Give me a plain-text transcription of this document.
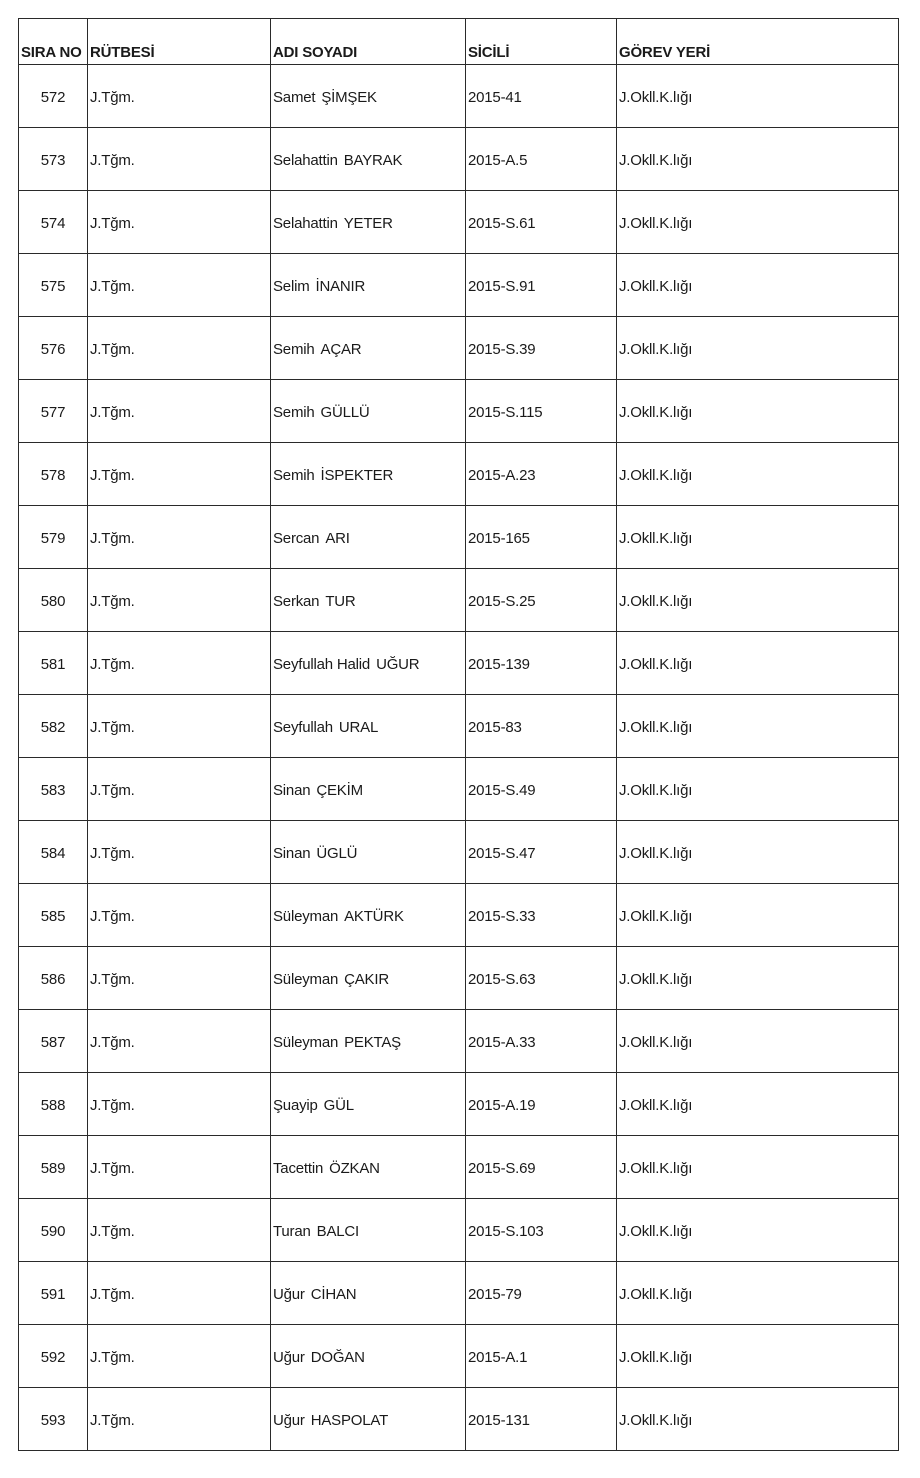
SIRA NO	RÜTBESİ	ADI SOYADI	SİCİLİ	GÖREV YERİ
572	J.Tğm.	Samet ŞİMŞEK	2015-41	J.Okll.K.lığı
573	J.Tğm.	Selahattin BAYRAK	2015-A.5	J.Okll.K.lığı
574	J.Tğm.	Selahattin YETER	2015-S.61	J.Okll.K.lığı
575	J.Tğm.	Selim İNANIR	2015-S.91	J.Okll.K.lığı
576	J.Tğm.	Semih AÇAR	2015-S.39	J.Okll.K.lığı
577	J.Tğm.	Semih GÜLLÜ	2015-S.115	J.Okll.K.lığı
578	J.Tğm.	Semih İSPEKTER	2015-A.23	J.Okll.K.lığı
579	J.Tğm.	Sercan ARI	2015-165	J.Okll.K.lığı
580	J.Tğm.	Serkan TUR	2015-S.25	J.Okll.K.lığı
581	J.Tğm.	Seyfullah Halid UĞUR	2015-139	J.Okll.K.lığı
582	J.Tğm.	Seyfullah URAL	2015-83	J.Okll.K.lığı
583	J.Tğm.	Sinan ÇEKİM	2015-S.49	J.Okll.K.lığı
584	J.Tğm.	Sinan ÜGLÜ	2015-S.47	J.Okll.K.lığı
585	J.Tğm.	Süleyman AKTÜRK	2015-S.33	J.Okll.K.lığı
586	J.Tğm.	Süleyman ÇAKIR	2015-S.63	J.Okll.K.lığı
587	J.Tğm.	Süleyman PEKTAŞ	2015-A.33	J.Okll.K.lığı
588	J.Tğm.	Şuayip GÜL	2015-A.19	J.Okll.K.lığı
589	J.Tğm.	Tacettin ÖZKAN	2015-S.69	J.Okll.K.lığı
590	J.Tğm.	Turan BALCI	2015-S.103	J.Okll.K.lığı
591	J.Tğm.	Uğur CİHAN	2015-79	J.Okll.K.lığı
592	J.Tğm.	Uğur DOĞAN	2015-A.1	J.Okll.K.lığı
593	J.Tğm.	Uğur HASPOLAT	2015-131	J.Okll.K.lığı
